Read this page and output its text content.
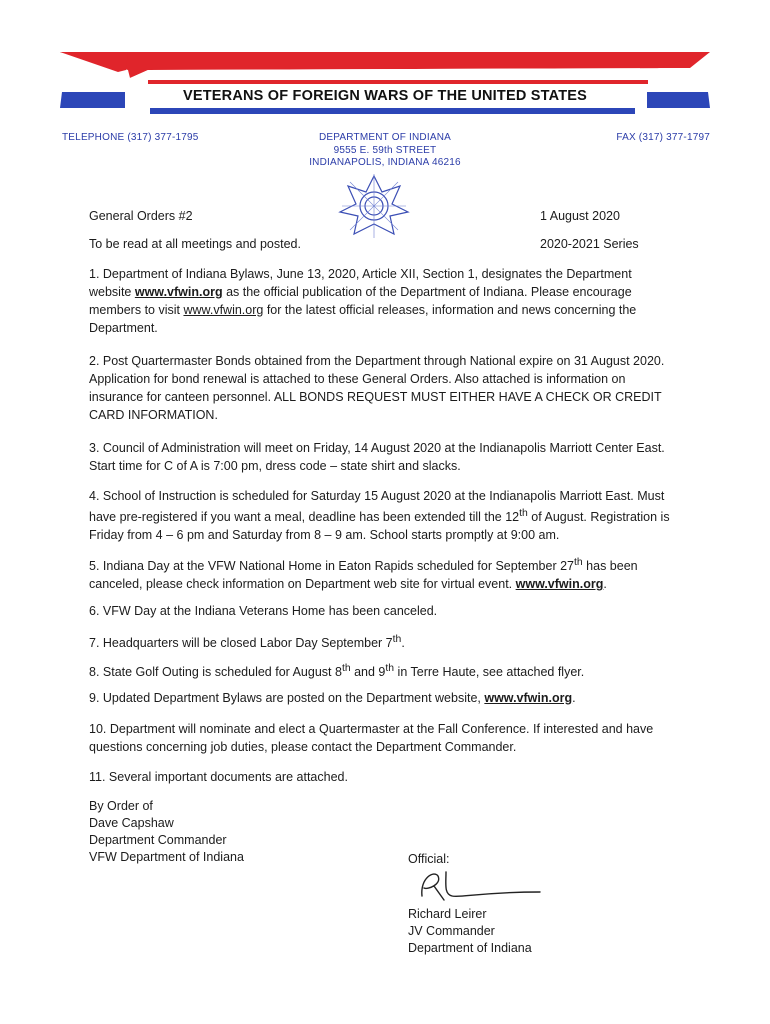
VETERANS OF FOREIGN WARS OF THE UNITED STATES
TELEPHONE (317) 377-1795	FAX (317) 377-1797
DEPARTMENT OF INDIANA
9555 E. 59th STREET
INDIANAPOLIS, INDIANA 46216
General Orders #2
To be read at all meetings and posted.
1 August 2020
2020-2021 Series

1. Department of Indiana Bylaws, June 13, 2020, Article XII, Section 1, designates the Department website www.vfwin.org as the official publication of the Department of Indiana. Please encourage members to visit www.vfwin.org for the latest official releases, information and news concerning the Department.

2. Post Quartermaster Bonds obtained from the Department through National expire on 31 August 2020. Application for bond renewal is attached to these General Orders. Also attached is information on insurance for canteen personnel. ALL BONDS REQUEST MUST EITHER HAVE A CHECK OR CREDIT CARD INFORMATION.

3. Council of Administration will meet on Friday, 14 August 2020 at the Indianapolis Marriott Center East. Start time for C of A is 7:00 pm, dress code – state shirt and slacks.

4. School of Instruction is scheduled for Saturday 15 August 2020 at the Indianapolis Marriott East. Must have pre-registered if you want a meal, deadline has been extended till the 12th of August. Registration is Friday from 4 – 6 pm and Saturday from 8 – 9 am. School starts promptly at 9:00 am.

5. Indiana Day at the VFW National Home in Eaton Rapids scheduled for September 27th has been canceled, please check information on Department web site for virtual event. www.vfwin.org.

6. VFW Day at the Indiana Veterans Home has been canceled.

7. Headquarters will be closed Labor Day September 7th.

8. State Golf Outing is scheduled for August 8th and 9th in Terre Haute, see attached flyer.

9. Updated Department Bylaws are posted on the Department website, www.vfwin.org.

10. Department will nominate and elect a Quartermaster at the Fall Conference. If interested and have questions concerning job duties, please contact the Department Commander.

11. Several important documents are attached.

By Order of
Dave Capshaw
Department Commander
VFW Department of Indiana	Official:
Richard Leirer
JV Commander
Department of Indiana
